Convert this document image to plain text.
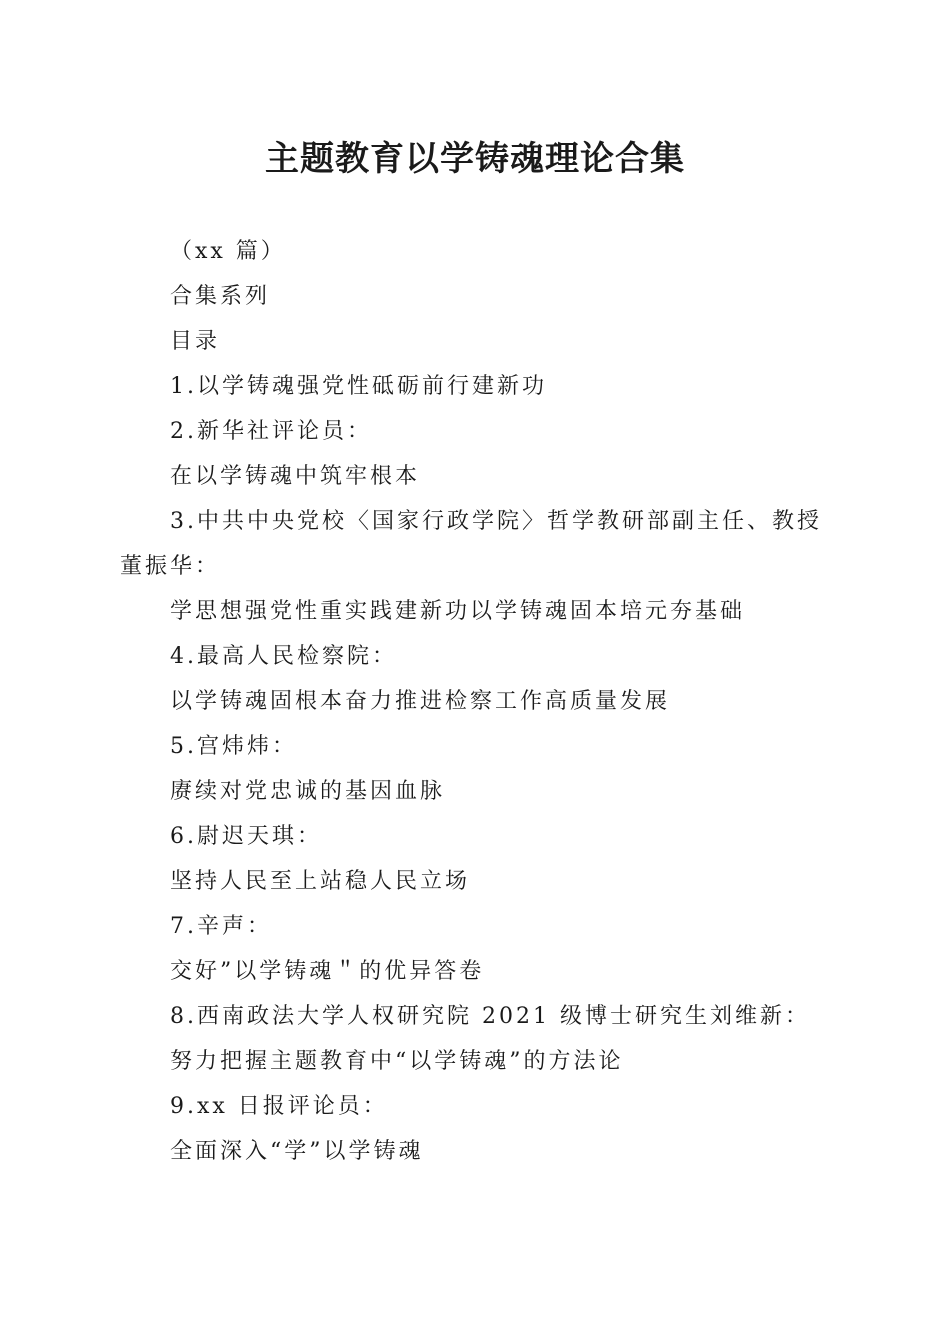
主题教育以学铸魂理论合集

（xx 篇）

合集系列

目录

1.以学铸魂强党性砥砺前行建新功

2.新华社评论员：

在以学铸魂中筑牢根本

3.中共中央党校〈国家行政学院〉哲学教研部副主任、教授董振华：

学思想强党性重实践建新功以学铸魂固本培元夯基础

4.最高人民检察院：

以学铸魂固根本奋力推进检察工作高质量发展

5.宫炜炜：

赓续对党忠诚的基因血脉

6.尉迟天琪：

坚持人民至上站稳人民立场

7.辛声：

交好”以学铸魂＂的优异答卷

8.西南政法大学人权研究院 2021 级博士研究生刘维新：

努力把握主题教育中“以学铸魂”的方法论

9.xx 日报评论员：

全面深入“学”以学铸魂
